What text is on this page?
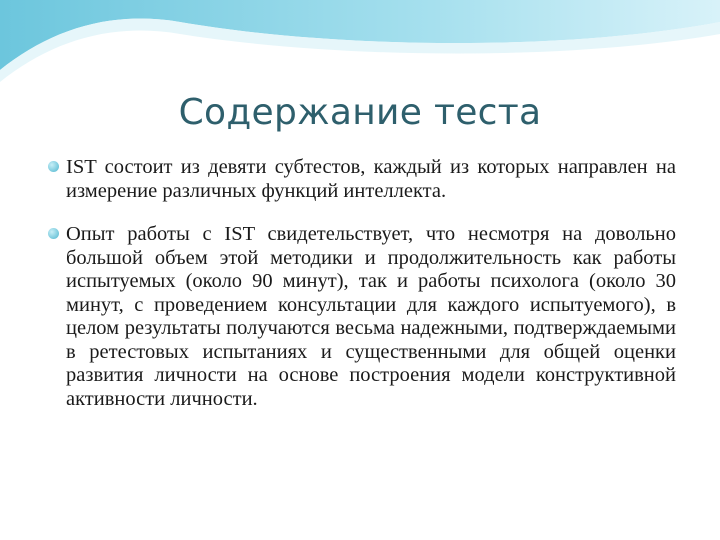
Содержание теста
IST состоит из девяти субтестов, каждый из которых направлен на измерение различных функций интеллекта.
Опыт работы с IST свидетельствует, что несмотря на довольно большой объем этой методики и продолжительность как работы испытуемых (около 90 минут), так и работы психолога (около 30 минут, с проведением консультации для каждого испытуемого), в целом результаты получаются весьма надежными, подтверждаемыми в ретестовых испытаниях и существенными для общей оценки развития личности на основе построения модели конструктивной активности личности.
